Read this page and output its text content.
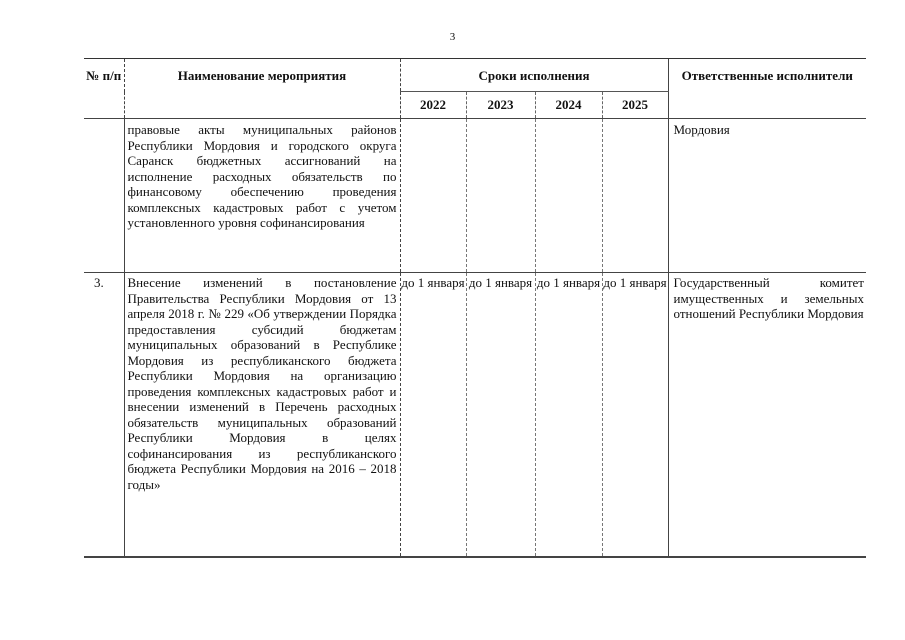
3
№ п/п	Наименование мероприятия	Сроки исполнения				Ответственные исполнители
		2022	2023	2024	2025	

	правовые акты муниципальных районов Республики Мордовия и городского округа Саранск бюджетных ассигнований на исполнение расходных обязательств по финансовому обеспечению проведения комплексных кадастровых работ с учетом установленного уровня софинансирования					Мордовия
3.	Внесение изменений в постановление Правительства Республики Мордовия от 13 апреля 2018 г. № 229 «Об утверждении Порядка предоставления субсидий бюджетам муниципальных образований в Республике Мордовия из республиканского бюджета Республики Мордовия на организацию проведения комплексных кадастровых работ и внесении изменений в Перечень расходных обязательств муниципальных образований Республики Мордовия в целях софинансирования из республиканского бюджета Республики Мордовия на 2016 – 2018 годы»	до 1 января	до 1 января	до 1 января	до 1 января	Государственный комитет имущественных и земельных отношений Республики Мордовия
